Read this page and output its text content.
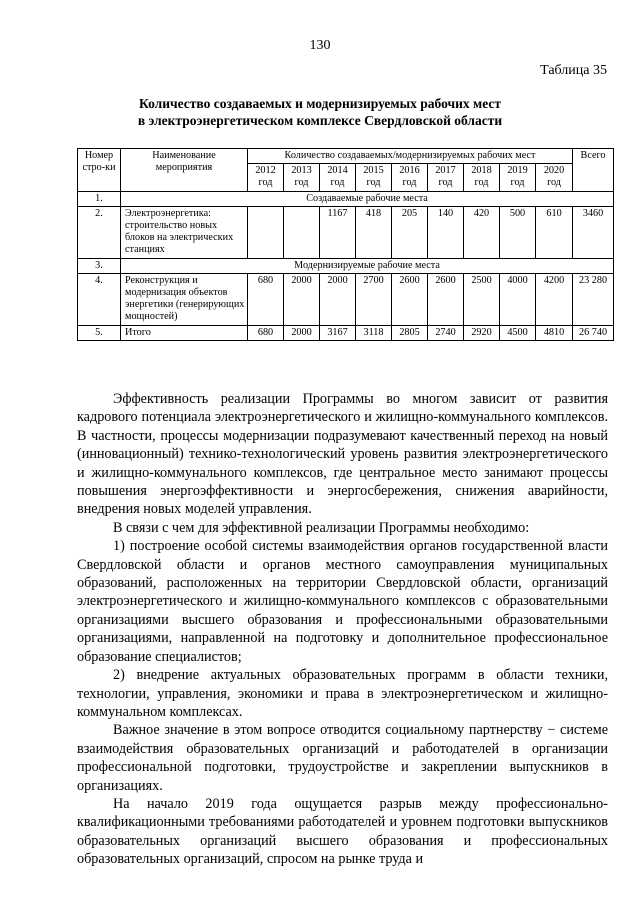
130
Таблица 35
Количество создаваемых и модернизируемых рабочих мест
в электроэнергетическом комплексе Свердловской области
Номер стро-ки	Наименование мероприятия	Количество создаваемых/модернизируемых рабочих мест									Всего
		2012 год	2013 год	2014 год	2015 год	2016 год	2017 год	2018 год	2019 год	2020 год	
1.	Создаваемые рабочие места										
2.	Электроэнергетика: строительство новых блоков на электрических станциях			1167	418	205	140	420	500	610	3460
3.	Модернизируемые рабочие места										
4.	Реконструкция и модернизация объектов энергетики (генерирующих мощностей)	680	2000	2000	2700	2600	2600	2500	4000	4200	23 280
5.	Итого	680	2000	3167	3118	2805	2740	2920	4500	4810	26 740

Эффективность реализации Программы во многом зависит от развития кадрового потенциала электроэнергетического и жилищно-коммунального комплексов. В частности, процессы модернизации подразумевают качественный переход на новый (инновационный) технико-технологический уровень развития электроэнергетического и жилищно-коммунального комплексов, где центральное место занимают процессы повышения энергоэффективности и энергосбережения, снижения аварийности, внедрения новых моделей управления.

В связи с чем для эффективной реализации Программы необходимо:

1) построение особой системы взаимодействия органов государственной власти Свердловской области и органов местного самоуправления муниципальных образований, расположенных на территории Свердловской области, организаций электроэнергетического и жилищно-коммунального комплексов с образовательными организациями высшего образования и профессиональными образовательными организациями, направленной на подготовку и дополнительное профессиональное образование специалистов;

2) внедрение актуальных образовательных программ в области техники, технологии, управления, экономики и права в электроэнергетическом и жилищно-коммунальном комплексах.

Важное значение в этом вопросе отводится социальному партнерству − системе взаимодействия образовательных организаций и работодателей в организации профессиональной подготовки, трудоустройстве и закреплении выпускников в организациях.

На начало 2019 года ощущается разрыв между профессионально-квалификационными требованиями работодателей и уровнем подготовки выпускников образовательных организаций высшего образования и профессиональных образовательных организаций, спросом на рынке труда и
